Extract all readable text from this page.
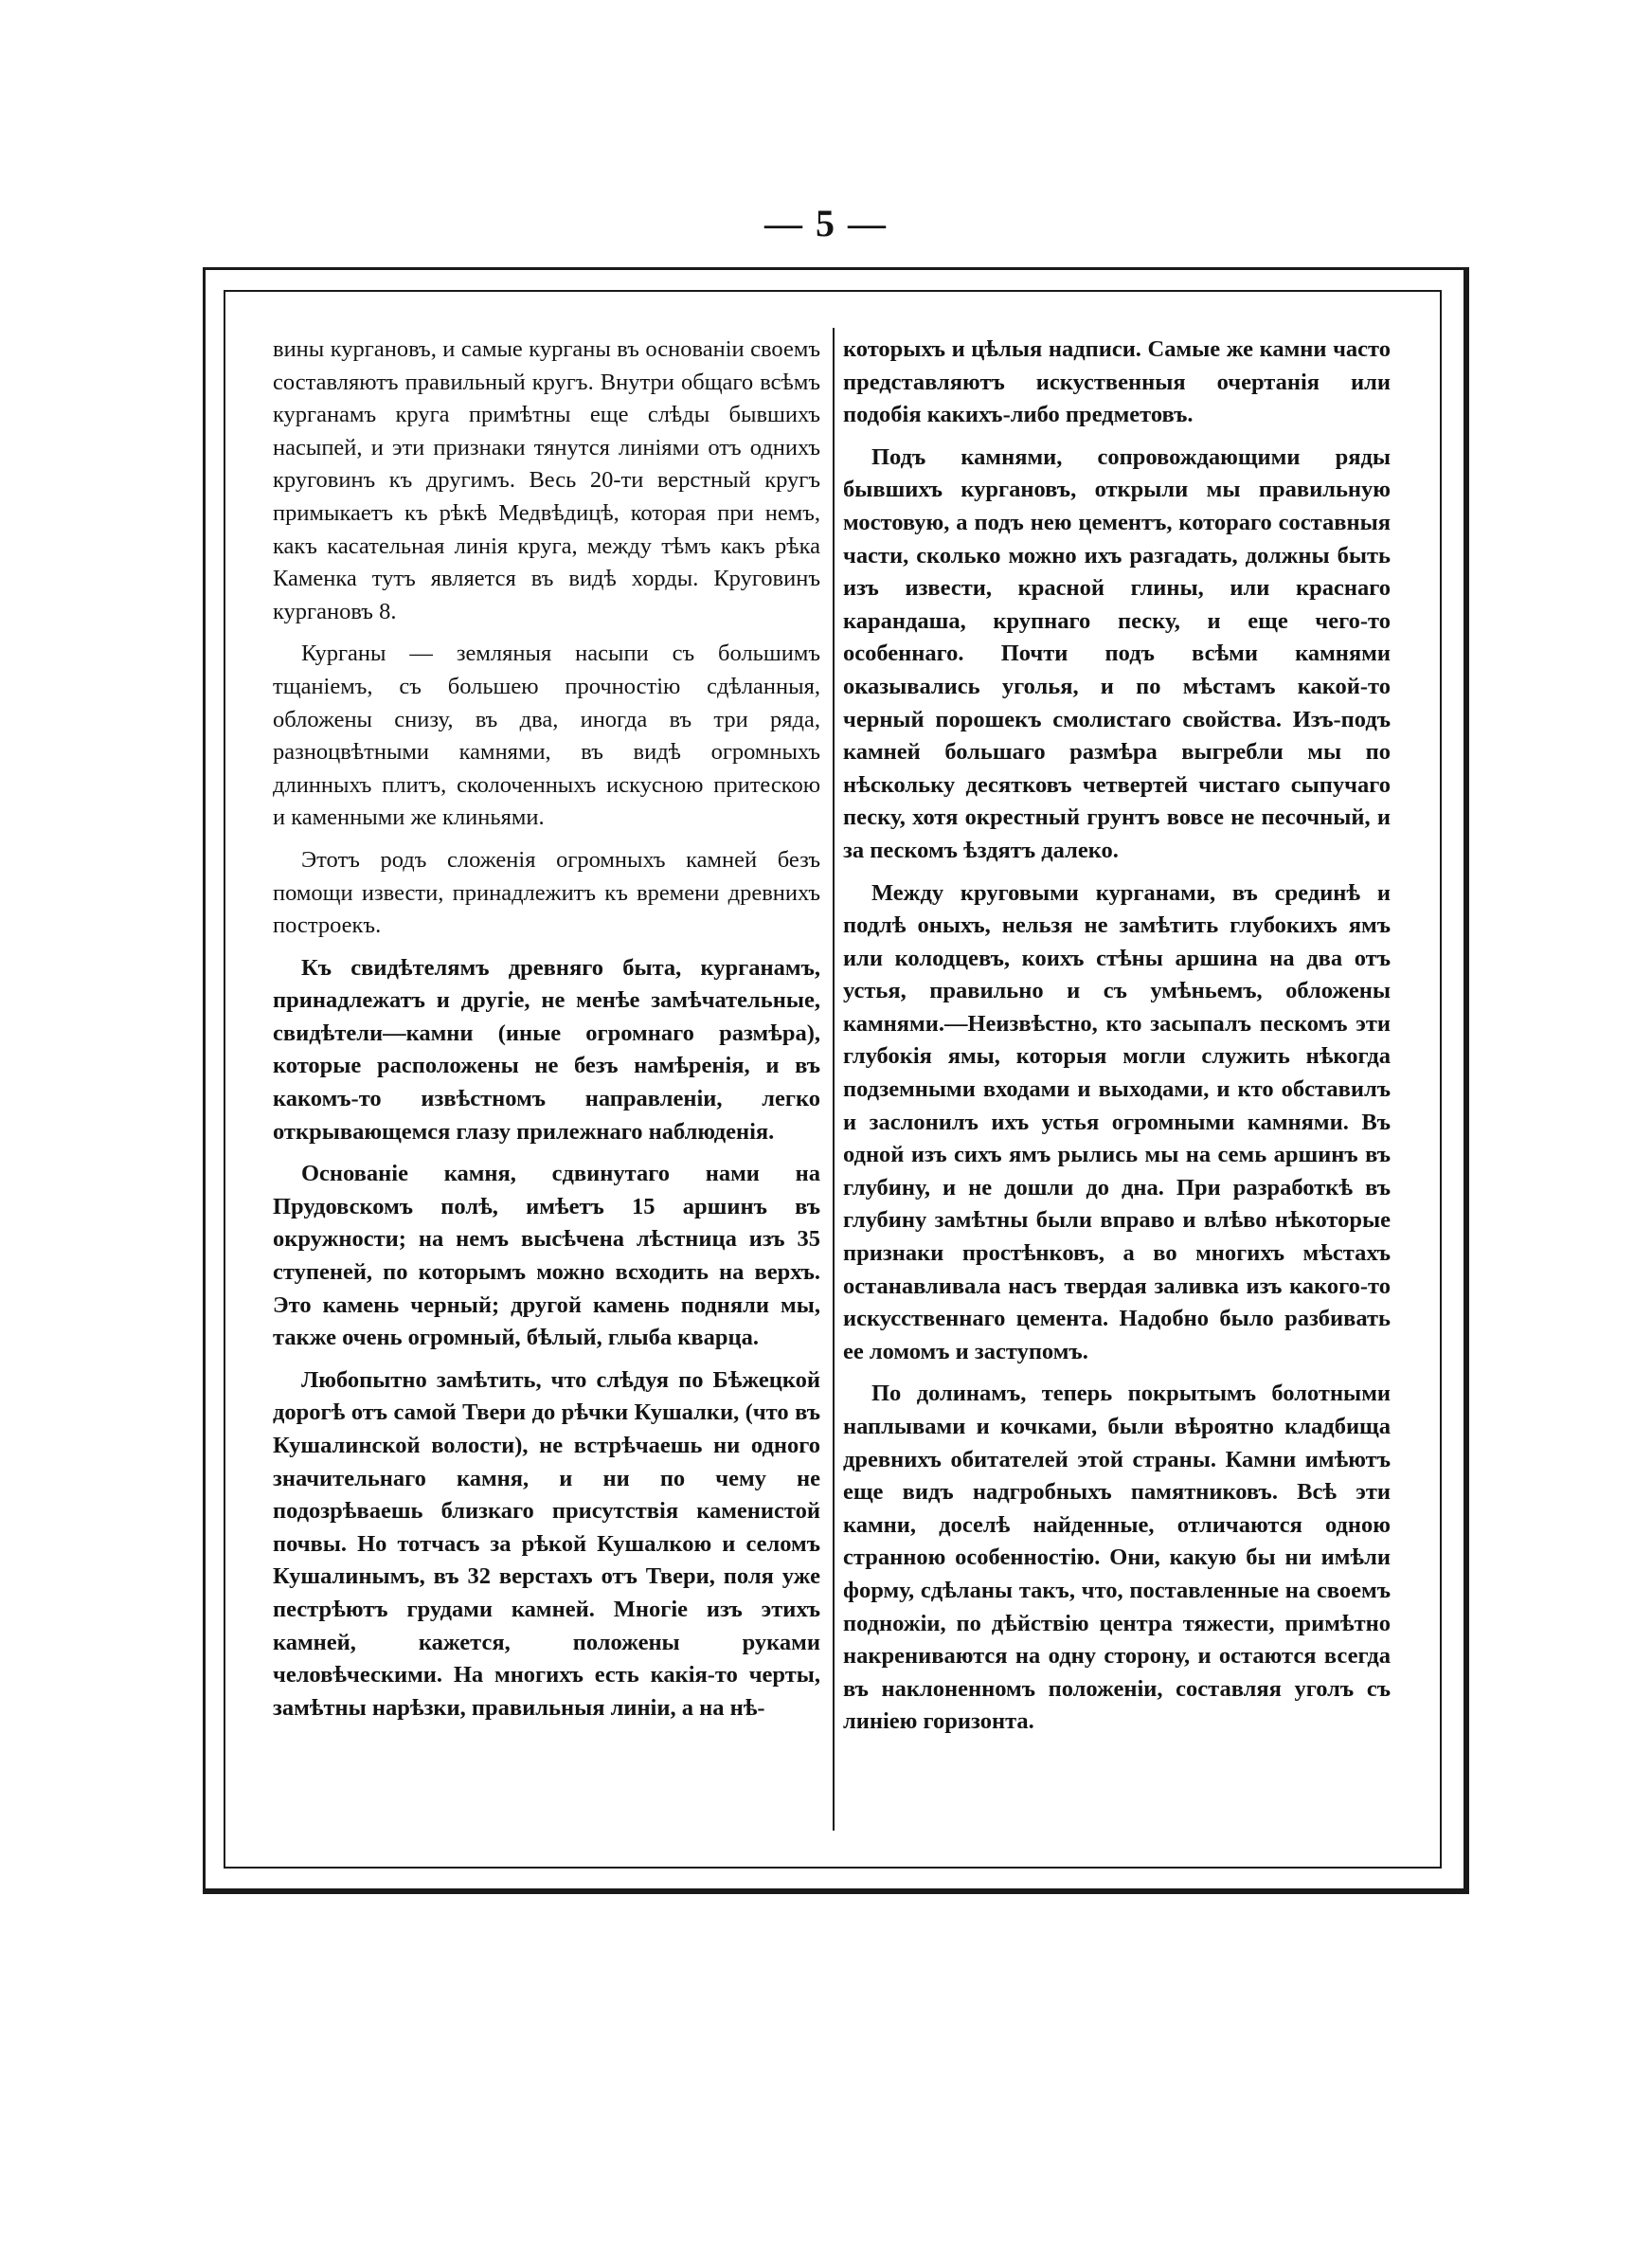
— 5 —

вины кургановъ, и самые курганы въ основаніи своемъ составляютъ правильный кругъ. Внутри общаго всѣмъ курганамъ круга примѣтны еще слѣды бывшихъ насыпей, и эти признаки тянутся линіями отъ однихъ круговинъ къ другимъ. Весь 20-ти верстный кругъ примыкаетъ къ рѣкѣ Медвѣдицѣ, которая при немъ, какъ касательная линія круга, между тѣмъ какъ рѣка Каменка тутъ является въ видѣ хорды. Круговинъ кургановъ 8.

Курганы — земляныя насыпи съ большимъ тщаніемъ, съ большею прочностію сдѣланныя, обложены снизу, въ два, иногда въ три ряда, разноцвѣтными камнями, въ видѣ огромныхъ длинныхъ плитъ, сколоченныхъ искусною притескою и каменными же клиньями.

Этотъ родъ сложенія огромныхъ камней безъ помощи извести, принадлежитъ къ времени древнихъ построекъ.

Къ свидѣтелямъ древняго быта, курганамъ, принадлежатъ и другіе, не менѣе замѣчательные, свидѣтели—камни (иные огромнаго размѣра), которые расположены не безъ намѣренія, и въ какомъ-то извѣстномъ направленіи, легко открывающемся глазу прилежнаго наблюденія.

Основаніе камня, сдвинутаго нами на Прудовскомъ полѣ, имѣетъ 15 аршинъ въ окружности; на немъ высѣчена лѣстница изъ 35 ступеней, по которымъ можно всходить на верхъ. Это камень черный; другой камень подняли мы, также очень огромный, бѣлый, глыба кварца.

Любопытно замѣтить, что слѣдуя по Бѣжецкой дорогѣ отъ самой Твери до рѣчки Кушалки, (что въ Кушалинской волости), не встрѣчаешь ни одного значительнаго камня, и ни по чему не подозрѣваешь близкаго присутствія каменистой почвы. Но тотчасъ за рѣкой Кушалкою и селомъ Кушалинымъ, въ 32 верстахъ отъ Твери, поля уже пестрѣютъ грудами камней. Многіе изъ этихъ камней, кажется, положены руками человѣческими. На многихъ есть какія-то черты, замѣтны нарѣзки, правильныя линіи, а на нѣ-

которыхъ и цѣлыя надписи. Самые же камни часто представляютъ искуственныя очертанія или подобія какихъ-либо предметовъ.

Подъ камнями, сопровождающими ряды бывшихъ кургановъ, открыли мы правильную мостовую, а подъ нею цементъ, котораго составныя части, сколько можно ихъ разгадать, должны быть изъ извести, красной глины, или краснаго карандаша, крупнаго песку, и еще чего-то особеннаго. Почти подъ всѣми камнями оказывались уголья, и по мѣстамъ какой-то черный порошекъ смолистаго свойства. Изъ-подъ камней большаго размѣра выгребли мы по нѣскольку десятковъ четвертей чистаго сыпучаго песку, хотя окрестный грунтъ вовсе не песочный, и за пескомъ ѣздятъ далеко.

Между круговыми курганами, въ срединѣ и подлѣ оныхъ, нельзя не замѣтить глубокихъ ямъ или колодцевъ, коихъ стѣны аршина на два отъ устья, правильно и съ умѣньемъ, обложены камнями.—Неизвѣстно, кто засыпалъ пескомъ эти глубокія ямы, которыя могли служить нѣкогда подземными входами и выходами, и кто обставилъ и заслонилъ ихъ устья огромными камнями. Въ одной изъ сихъ ямъ рылись мы на семь аршинъ въ глубину, и не дошли до дна. При разработкѣ въ глубину замѣтны были вправо и влѣво нѣкоторые признаки простѣнковъ, а во многихъ мѣстахъ останавливала насъ твердая заливка изъ какого-то искусственнаго цемента. Надобно было разбивать ее ломомъ и заступомъ.

По долинамъ, теперь покрытымъ болотными наплывами и кочками, были вѣроятно кладбища древнихъ обитателей этой страны. Камни имѣютъ еще видъ надгробныхъ памятниковъ. Всѣ эти камни, доселѣ найденные, отличаются одною странною особенностію. Они, какую бы ни имѣли форму, сдѣланы такъ, что, поставленные на своемъ подножіи, по дѣйствію центра тяжести, примѣтно накрениваются на одну сторону, и остаются всегда въ наклоненномъ положеніи, составляя уголъ съ линіею горизонта.
